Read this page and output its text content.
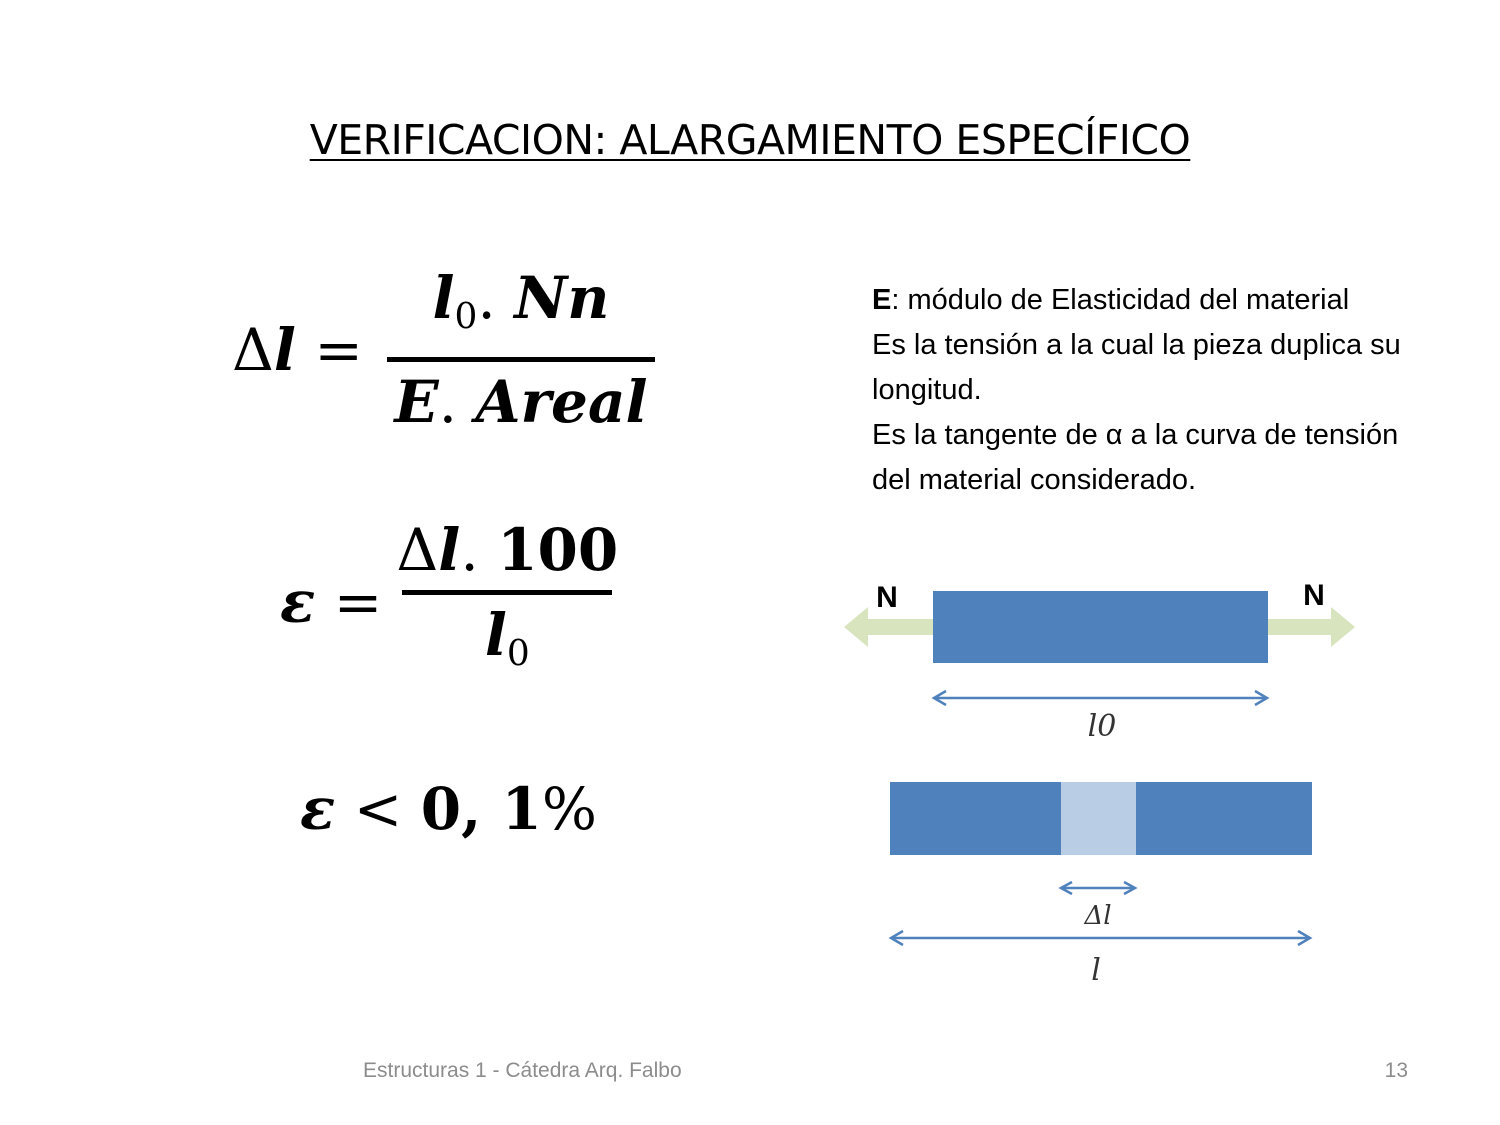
VERIFICACION: ALARGAMIENTO ESPECÍFICO
Δl =
$l_0$. Nn
E. Areal
ε =
Δl. 100
$l_0$
ε
<
0, 1 %

E: módulo de Elasticidad del material

Es la tensión a la cual la pieza duplica su longitud.

Es la tangente de α a la curva de tensión del material considerado.

N	N
l0
Δl
l
Estructuras 1 - Cátedra Arq. Falbo	13
